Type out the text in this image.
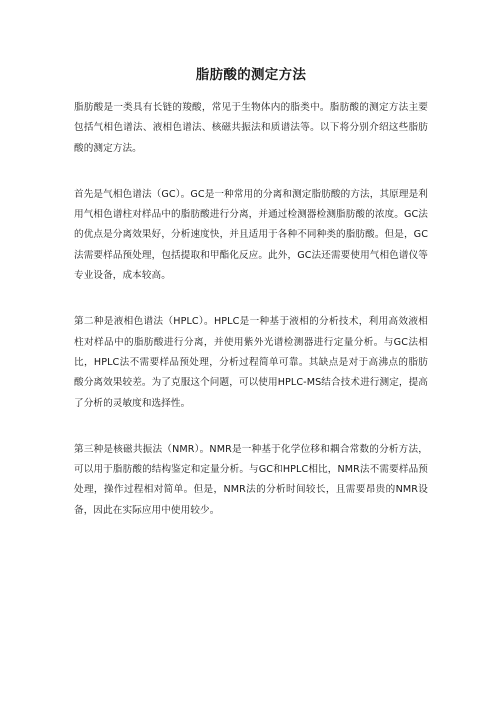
脂肪酸的测定方法

脂肪酸是一类具有长链的羧酸，常见于生物体内的脂类中。脂肪酸的测定方法主要包括气相色谱法、液相色谱法、核磁共振法和质谱法等。以下将分别介绍这些脂肪酸的测定方法。

首先是气相色谱法（GC）。GC是一种常用的分离和测定脂肪酸的方法，其原理是利用气相色谱柱对样品中的脂肪酸进行分离，并通过检测器检测脂肪酸的浓度。GC法的优点是分离效果好，分析速度快，并且适用于各种不同种类的脂肪酸。但是，GC法需要样品预处理，包括提取和甲酯化反应。此外，GC法还需要使用气相色谱仪等专业设备，成本较高。

第二种是液相色谱法（HPLC）。HPLC是一种基于液相的分析技术，利用高效液相柱对样品中的脂肪酸进行分离，并使用紫外光谱检测器进行定量分析。与GC法相比，HPLC法不需要样品预处理，分析过程简单可靠。其缺点是对于高沸点的脂肪酸分离效果较差。为了克服这个问题，可以使用HPLC-MS结合技术进行测定，提高了分析的灵敏度和选择性。

第三种是核磁共振法（NMR）。NMR是一种基于化学位移和耦合常数的分析方法，可以用于脂肪酸的结构鉴定和定量分析。与GC和HPLC相比，NMR法不需要样品预处理，操作过程相对简单。但是，NMR法的分析时间较长，且需要昂贵的NMR设备，因此在实际应用中使用较少。
